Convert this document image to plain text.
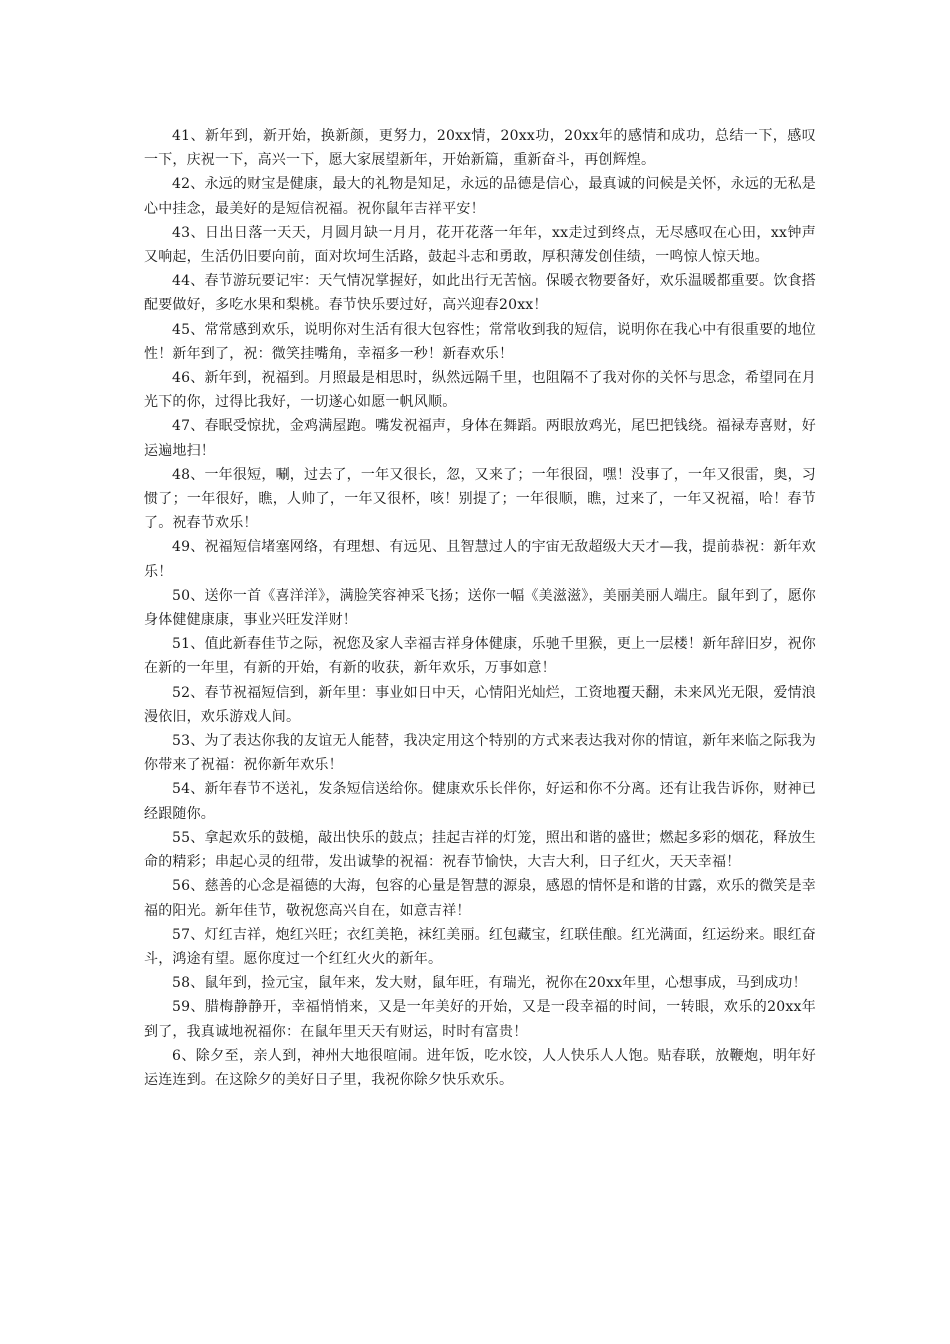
41、新年到，新开始，换新颜，更努力，20xx情，20xx功，20xx年的感情和成功，总结一下，感叹一下，庆祝一下，高兴一下，愿大家展望新年，开始新篇，重新奋斗，再创辉煌。

42、永远的财宝是健康，最大的礼物是知足，永远的品德是信心，最真诚的问候是关怀，永远的无私是心中挂念，最美好的是短信祝福。祝你鼠年吉祥平安！

43、日出日落一天天，月圆月缺一月月，花开花落一年年，xx走过到终点，无尽感叹在心田，xx钟声又响起，生活仍旧要向前，面对坎坷生活路，鼓起斗志和勇敢，厚积薄发创佳绩，一鸣惊人惊天地。

44、春节游玩要记牢：天气情况掌握好，如此出行无苦恼。保暖衣物要备好，欢乐温暖都重要。饮食搭配要做好，多吃水果和梨桃。春节快乐要过好，高兴迎春20xx！

45、常常感到欢乐，说明你对生活有很大包容性；常常收到我的短信，说明你在我心中有很重要的地位性！新年到了，祝：微笑挂嘴角，幸福多一秒！新春欢乐！

46、新年到，祝福到。月照最是相思时，纵然远隔千里，也阻隔不了我对你的关怀与思念，希望同在月光下的你，过得比我好，一切遂心如愿一帆风顺。

47、春眠受惊扰，金鸡满屋跑。嘴发祝福声，身体在舞蹈。两眼放鸡光，尾巴把钱绕。福禄寿喜财，好运遍地扫！

48、一年很短，唰，过去了，一年又很长，忽，又来了；一年很囧，嘿！没事了，一年又很雷，奥，习惯了；一年很好，瞧，人帅了，一年又很杯，咳！别提了；一年很顺，瞧，过来了，一年又祝福，哈！春节了。祝春节欢乐！

49、祝福短信堵塞网络，有理想、有远见、且智慧过人的宇宙无敌超级大天才—我，提前恭祝：新年欢乐！

50、送你一首《喜洋洋》，满脸笑容神采飞扬；送你一幅《美滋滋》，美丽美丽人端庄。鼠年到了，愿你身体健健康康，事业兴旺发洋财！

51、值此新春佳节之际，祝您及家人幸福吉祥身体健康，乐驰千里猴，更上一层楼！新年辞旧岁，祝你在新的一年里，有新的开始，有新的收获，新年欢乐，万事如意！

52、春节祝福短信到，新年里：事业如日中天，心情阳光灿烂，工资地覆天翻，未来风光无限，爱情浪漫依旧，欢乐游戏人间。

53、为了表达你我的友谊无人能替，我决定用这个特别的方式来表达我对你的情谊，新年来临之际我为你带来了祝福：祝你新年欢乐！

54、新年春节不送礼，发条短信送给你。健康欢乐长伴你，好运和你不分离。还有让我告诉你，财神已经跟随你。

55、拿起欢乐的鼓槌，敲出快乐的鼓点；挂起吉祥的灯笼，照出和谐的盛世；燃起多彩的烟花，释放生命的精彩；串起心灵的纽带，发出诚挚的祝福：祝春节愉快，大吉大利，日子红火，天天幸福！

56、慈善的心念是福德的大海，包容的心量是智慧的源泉，感恩的情怀是和谐的甘露，欢乐的微笑是幸福的阳光。新年佳节，敬祝您高兴自在，如意吉祥！

57、灯红吉祥，炮红兴旺；衣红美艳，袜红美丽。红包藏宝，红联佳酿。红光满面，红运纷来。眼红奋斗，鸿途有望。愿你度过一个红红火火的新年。

58、鼠年到，捡元宝，鼠年来，发大财，鼠年旺，有瑞光，祝你在20xx年里，心想事成，马到成功！

59、腊梅静静开，幸福悄悄来，又是一年美好的开始，又是一段幸福的时间，一转眼，欢乐的20xx年到了，我真诚地祝福你：在鼠年里天天有财运，时时有富贵！

6、除夕至，亲人到，神州大地很喧闹。进年饭，吃水饺，人人快乐人人饱。贴春联，放鞭炮，明年好运连连到。在这除夕的美好日子里，我祝你除夕快乐欢乐。
